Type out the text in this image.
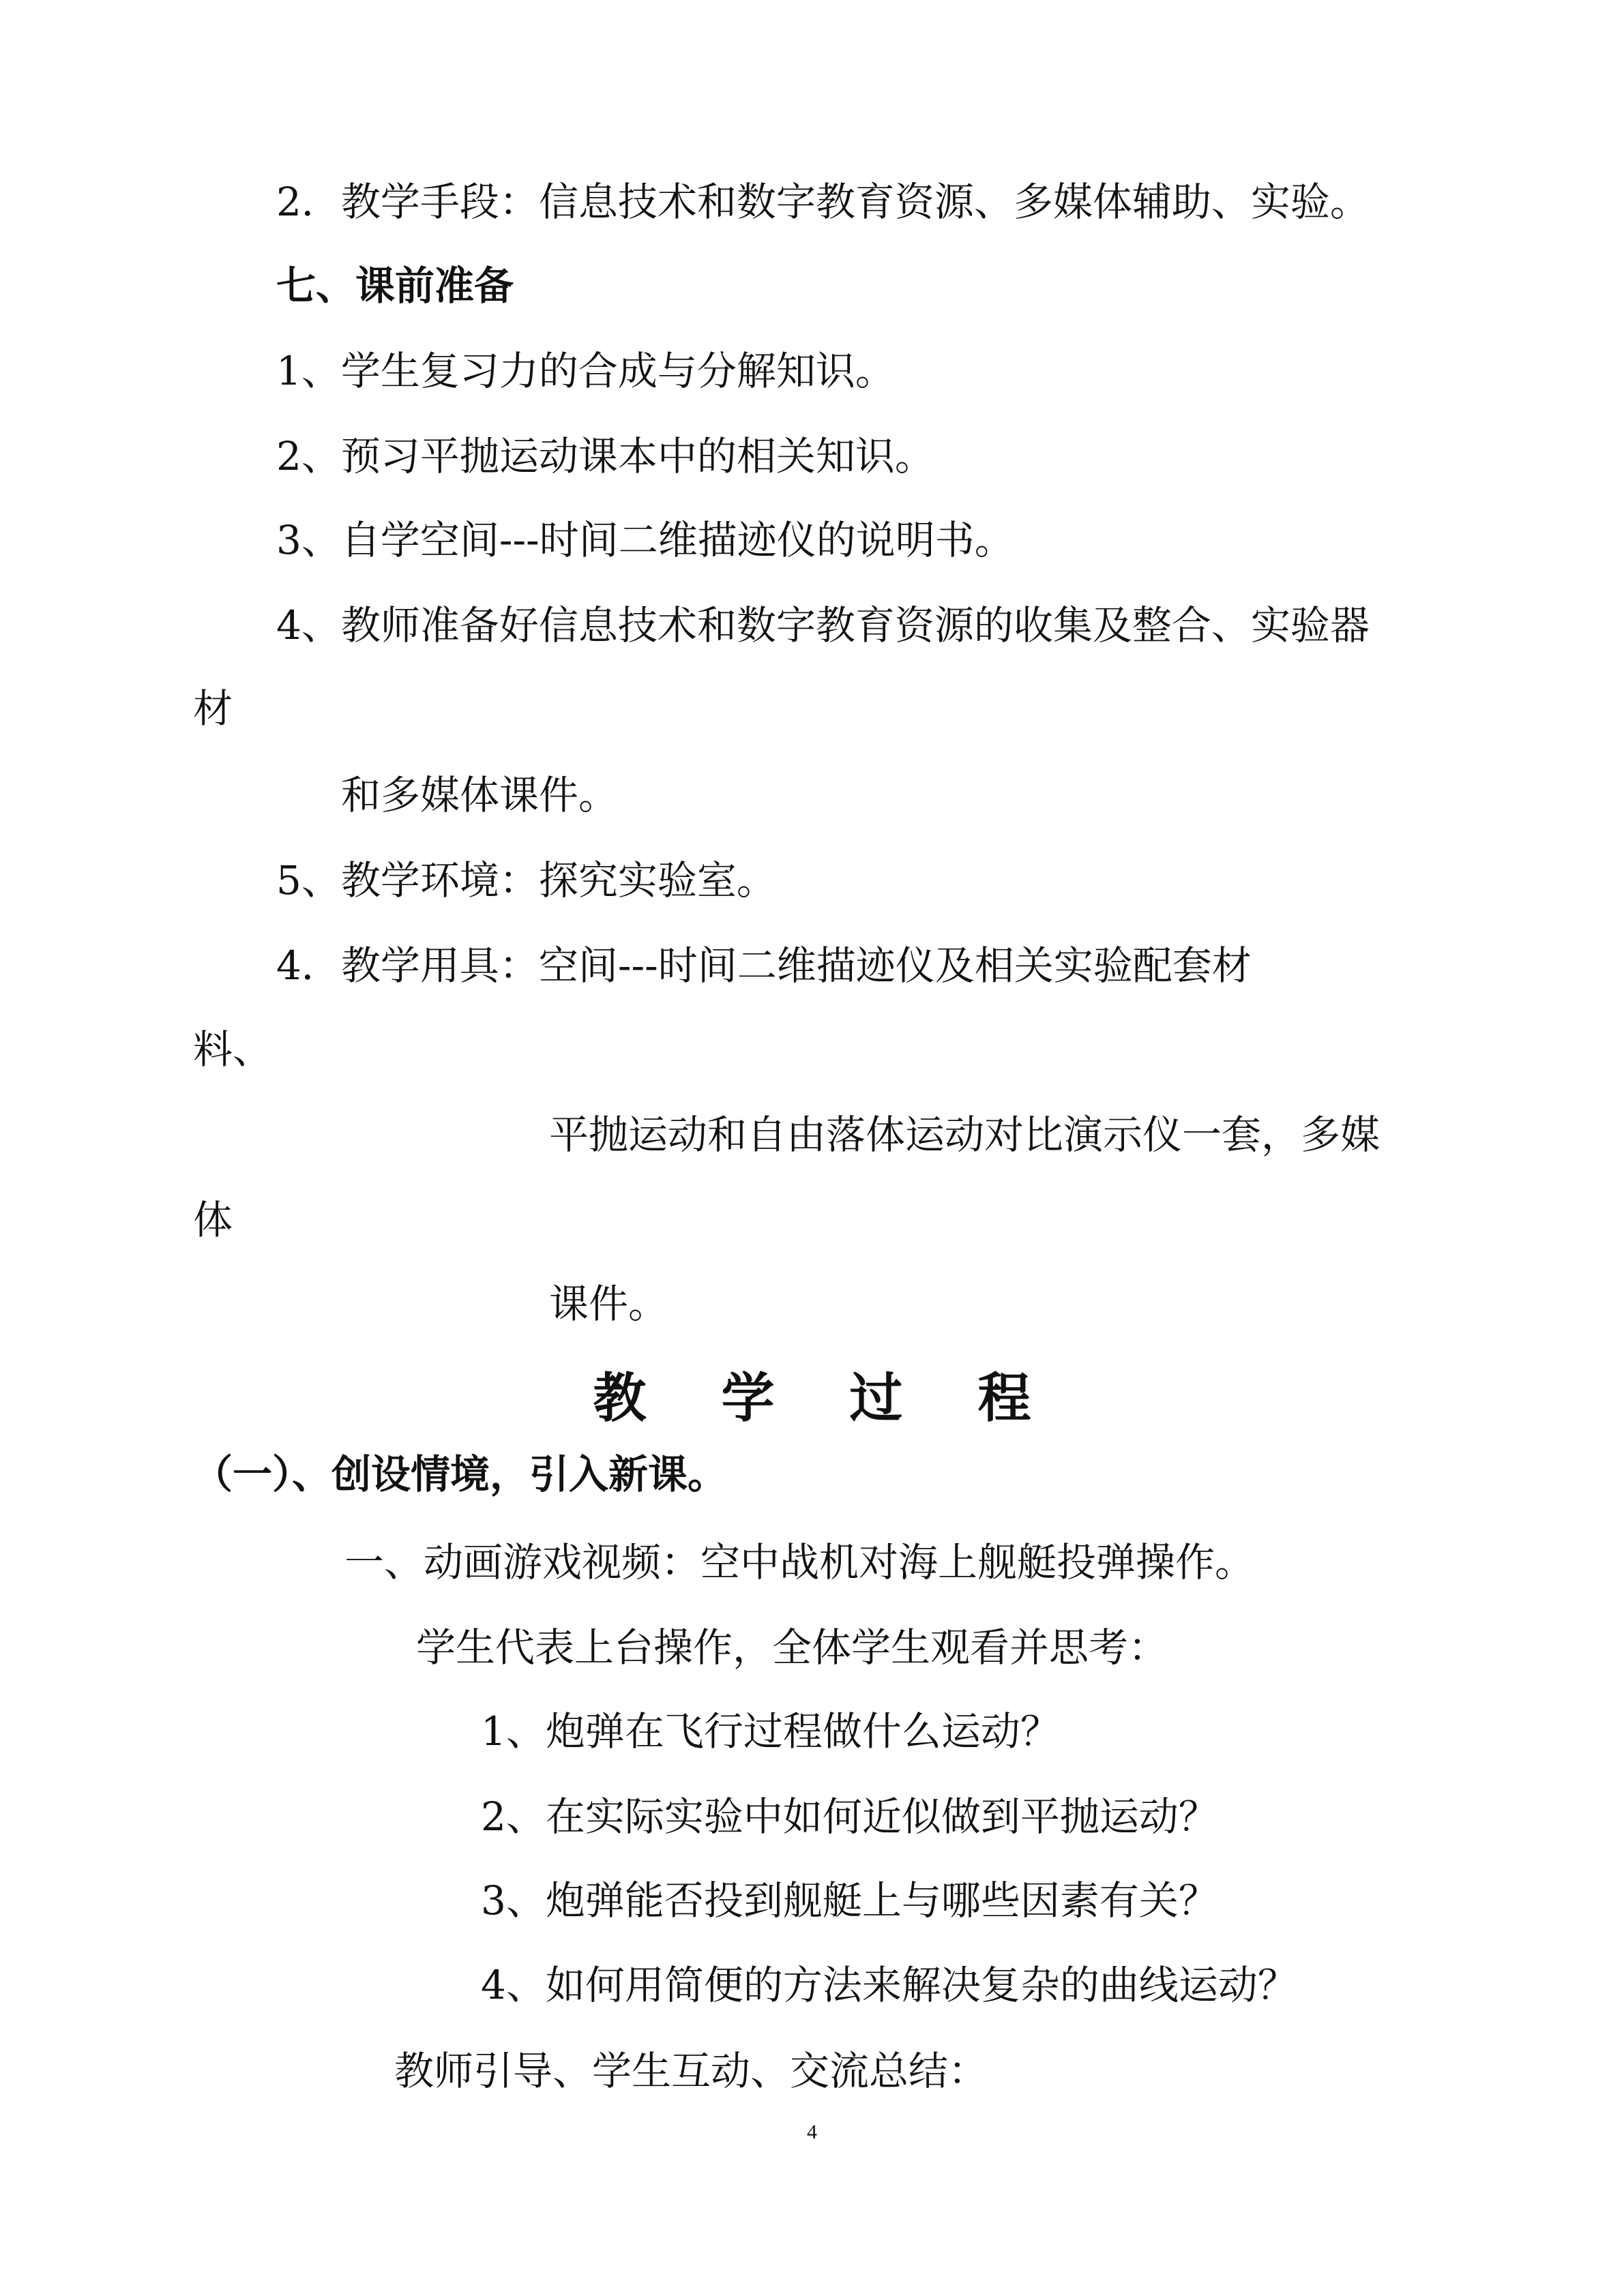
2．教学手段：信息技术和数字教育资源、多媒体辅助、实验。
七、课前准备
1、学生复习力的合成与分解知识。
2、预习平抛运动课本中的相关知识。
3、自学空间---时间二维描迹仪的说明书。
4、教师准备好信息技术和数字教育资源的收集及整合、实验器
材
和多媒体课件。
5、教学环境：探究实验室。
4．教学用具：空间---时间二维描迹仪及相关实验配套材
料、
平抛运动和自由落体运动对比演示仪一套，多媒
体
课件。
教学过程
（一）、创设情境，引入新课。
一、动画游戏视频：空中战机对海上舰艇投弹操作。
学生代表上台操作，全体学生观看并思考：
1、炮弹在飞行过程做什么运动？
2、在实际实验中如何近似做到平抛运动？
3、炮弹能否投到舰艇上与哪些因素有关？
4、如何用简便的方法来解决复杂的曲线运动？
教师引导、学生互动、交流总结：
4
